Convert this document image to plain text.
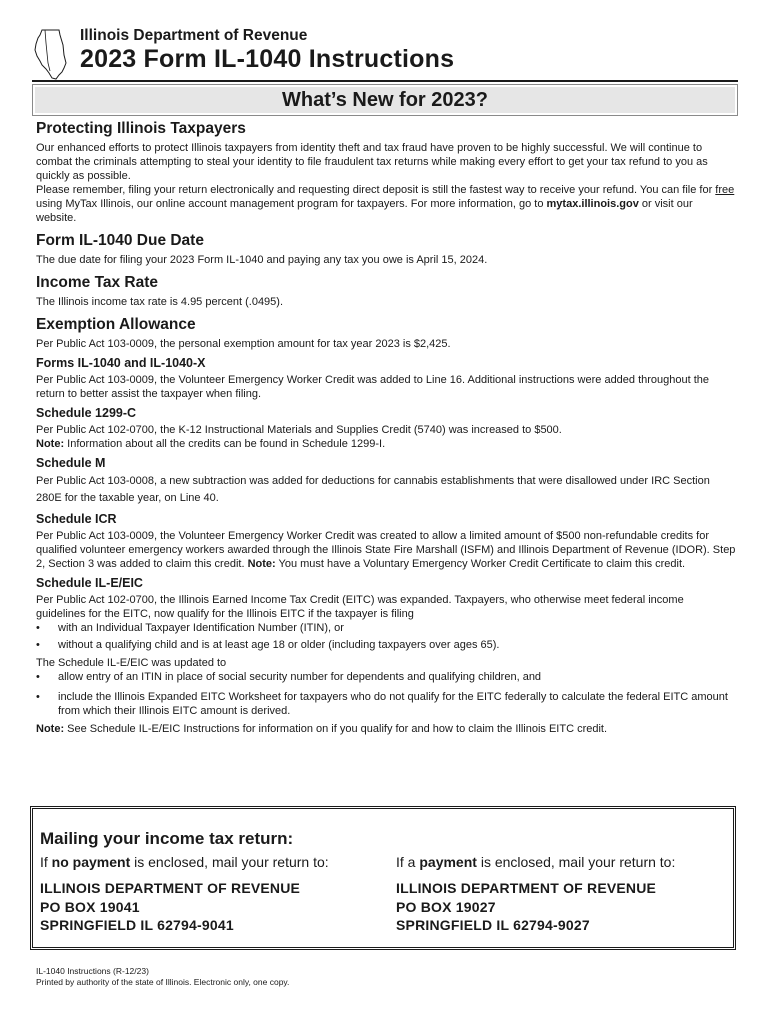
Illinois Department of Revenue
2023 Form IL-1040 Instructions
What’s New for 2023?
Protecting Illinois Taxpayers

Our enhanced efforts to protect Illinois taxpayers from identity theft and tax fraud have proven to be highly successful. We will continue to combat the criminals attempting to steal your identity to file fraudulent tax returns while making every effort to get your tax refund to you as quickly as possible.

Please remember, filing your return electronically and requesting direct deposit is still the fastest way to receive your refund. You can file for free using MyTax Illinois, our online account management program for taxpayers. For more information, go to mytax.illinois.gov or visit our website.

Form IL-1040 Due Date

The due date for filing your 2023 Form IL-1040 and paying any tax you owe is April 15, 2024.

Income Tax Rate

The Illinois income tax rate is 4.95 percent (.0495).

Exemption Allowance

Per Public Act 103-0009, the personal exemption amount for tax year 2023 is $2,425.

Forms IL-1040 and IL-1040-X

Per Public Act 103-0009, the Volunteer Emergency Worker Credit was added to Line 16. Additional instructions were added throughout the return to better assist the taxpayer when filing.

Schedule 1299-C

Per Public Act 102-0700, the K-12 Instructional Materials and Supplies Credit (5740) was increased to $500.

Note: Information about all the credits can be found in Schedule 1299-I.

Schedule M

Per Public Act 103-0008, a new subtraction was added for deductions for cannabis establishments that were disallowed under IRC Section 280E for the taxable year, on Line 40.

Schedule ICR

Per Public Act 103-0009, the Volunteer Emergency Worker Credit was created to allow a limited amount of $500 non-refundable credits for qualified volunteer emergency workers awarded through the Illinois State Fire Marshall (ISFM) and Illinois Department of Revenue (IDOR). Step 2, Section 3 was added to claim this credit. Note: You must have a Voluntary Emergency Worker Credit Certificate to claim this credit.

Schedule IL-E/EIC

Per Public Act 102-0700, the Illinois Earned Income Tax Credit (EITC) was expanded. Taxpayers, who otherwise meet federal income guidelines for the EITC, now qualify for the Illinois EITC if the taxpayer is filing

• with an Individual Taxpayer Identification Number (ITIN), or
• without a qualifying child and is at least age 18 or older (including taxpayers over ages 65).

The Schedule IL-E/EIC was updated to

• allow entry of an ITIN in place of social security number for dependents and qualifying children, and
• include the Illinois Expanded EITC Worksheet for taxpayers who do not qualify for the EITC federally to calculate the federal EITC amount from which their Illinois EITC amount is derived.

Note: See Schedule IL-E/EIC Instructions for information on if you qualify for and how to claim the Illinois EITC credit.

Mailing your income tax return:
If no payment is enclosed, mail your return to:
ILLINOIS DEPARTMENT OF REVENUE
PO BOX 19041
SPRINGFIELD IL 62794-9041
If a payment is enclosed, mail your return to:
ILLINOIS DEPARTMENT OF REVENUE
PO BOX 19027
SPRINGFIELD IL 62794-9027
IL-1040 Instructions (R-12/23)
Printed by authority of the state of Illinois. Electronic only, one copy.
